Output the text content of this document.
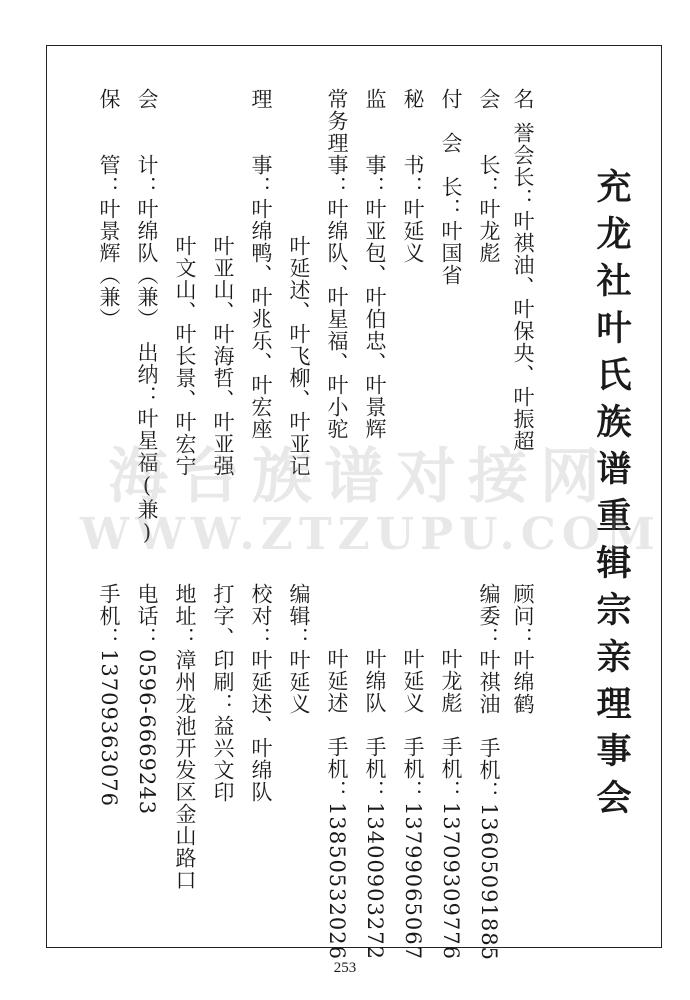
充龙社叶氏族谱重辑宗亲理事会
名
誉会长：叶祺油、叶保央、叶振超
会　　长：叶龙彪
付　会　长：叶国省
秘　　书：叶延义
监　　事：叶亚包、叶伯忠、叶景辉
常务理事：叶绵队、叶星福、叶小驼
叶延述、叶飞柳、叶亚记
理　　事：叶绵鸭、叶兆乐、叶宏座
叶亚山、叶海哲、叶亚强
叶文山、叶长景、叶宏宁
会　　计：叶绵队（兼）　出纳：叶星福(兼)
保　　管：叶景辉（兼）
顾问：叶绵鹤
编委：叶祺油　手机：13605091885
叶龙彪　手机：13709309776
叶延义　手机：13799065067
叶绵队　手机：13400903272
叶延述　手机：13850532026
编辑：叶延义
校对：叶延述、叶绵队
打字、印刷：益兴文印
地址：漳州龙池开发区金山路口
电话：0596-6669243
手机：13709363076
海台族谱对接网
WWW.ZTZUPU.COM
253
